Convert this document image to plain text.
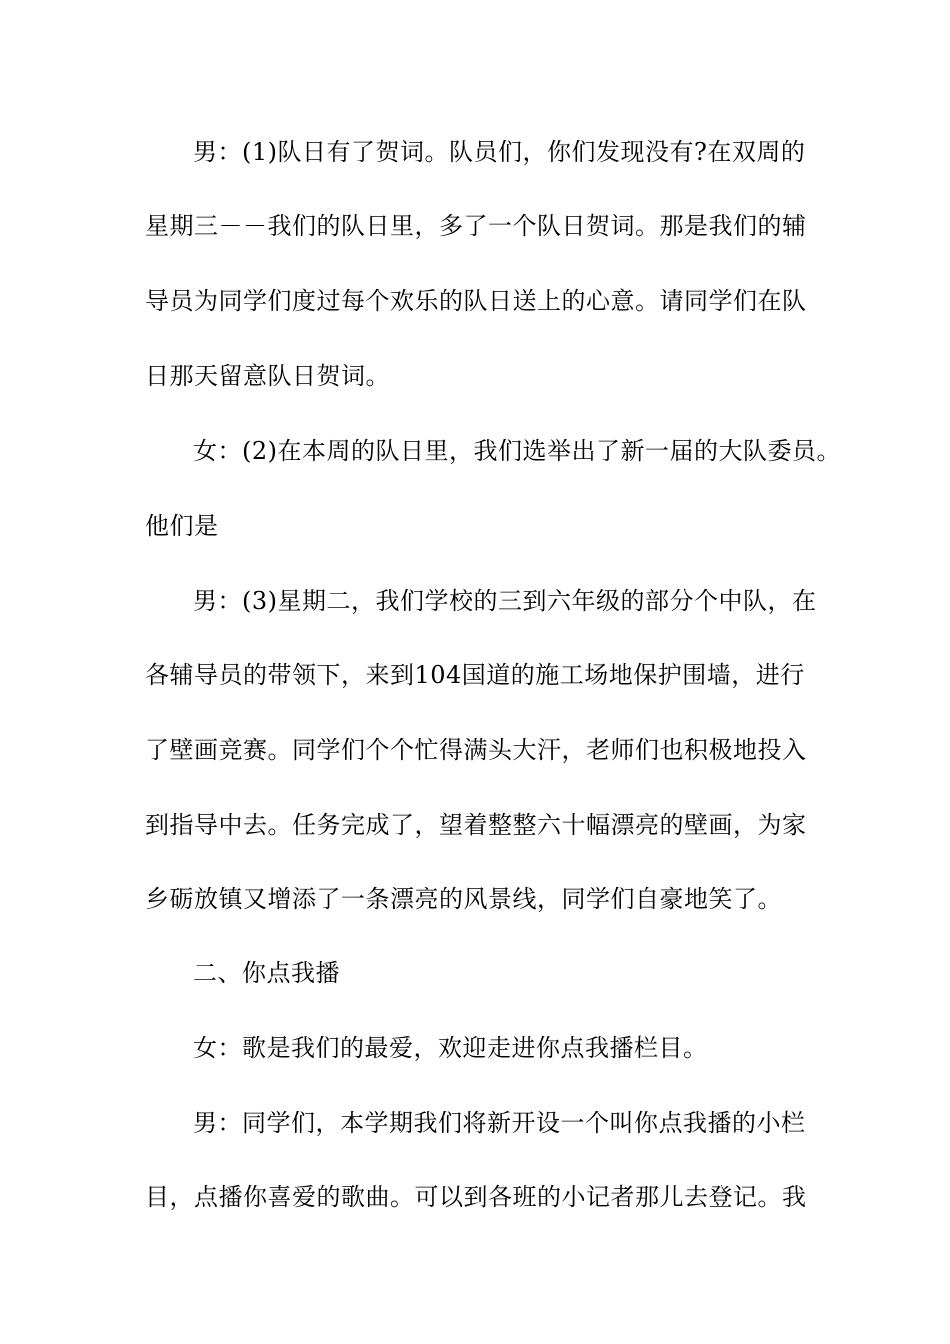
男：(1)队日有了贺词。队员们，你们发现没有?在双周的
星期三－－我们的队日里，多了一个队日贺词。那是我们的辅
导员为同学们度过每个欢乐的队日送上的心意。请同学们在队
日那天留意队日贺词。
女：(2)在本周的队日里，我们选举出了新一届的大队委员。
他们是
男：(3)星期二，我们学校的三到六年级的部分个中队，在
各辅导员的带领下，来到104国道的施工场地保护围墙，进行
了壁画竞赛。同学们个个忙得满头大汗，老师们也积极地投入
到指导中去。任务完成了，望着整整六十幅漂亮的壁画，为家
乡砺放镇又增添了一条漂亮的风景线，同学们自豪地笑了。
二、你点我播
女：歌是我们的最爱，欢迎走进你点我播栏目。
男：同学们，本学期我们将新开设一个叫你点我播的小栏
目，点播你喜爱的歌曲。可以到各班的小记者那儿去登记。我
